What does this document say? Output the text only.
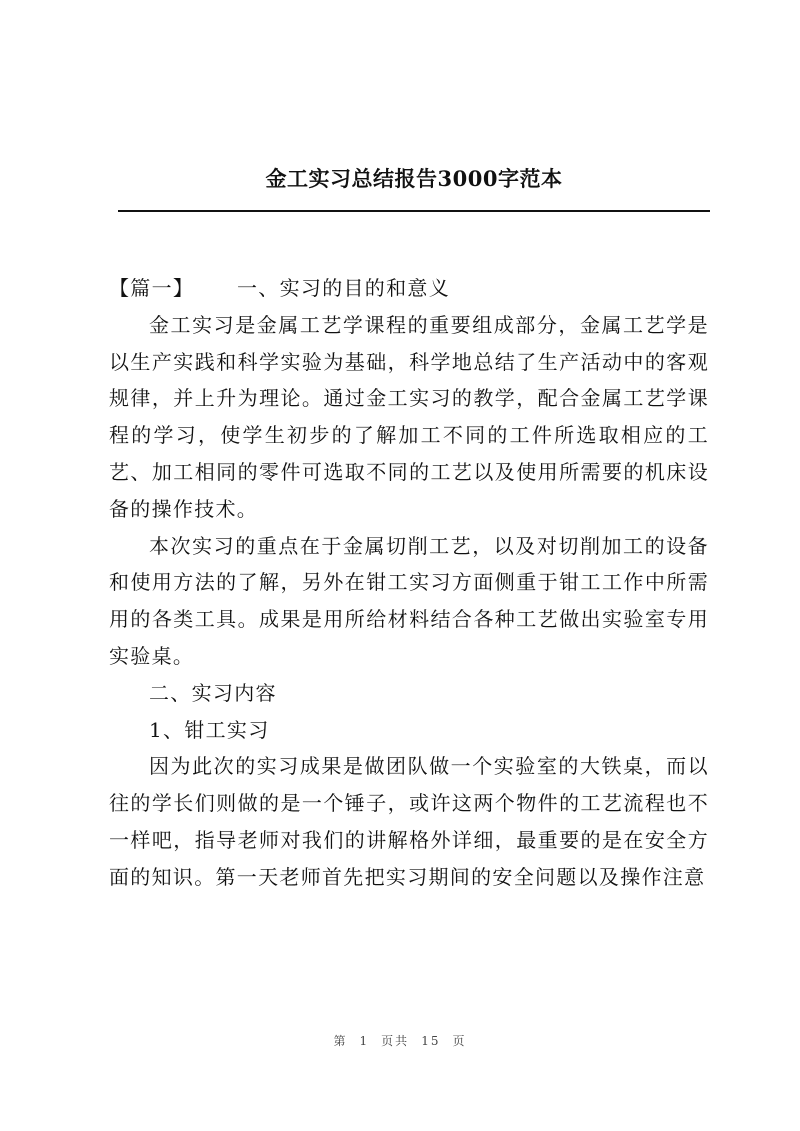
金工实习总结报告3000字范本

【篇一】 一、实习的目的和意义

金工实习是金属工艺学课程的重要组成部分，金属工艺学是以生产实践和科学实验为基础，科学地总结了生产活动中的客观规律，并上升为理论。通过金工实习的教学，配合金属工艺学课程的学习，使学生初步的了解加工不同的工件所选取相应的工艺、加工相同的零件可选取不同的工艺以及使用所需要的机床设备的操作技术。

本次实习的重点在于金属切削工艺，以及对切削加工的设备和使用方法的了解，另外在钳工实习方面侧重于钳工工作中所需用的各类工具。成果是用所给材料结合各种工艺做出实验室专用实验桌。

二、实习内容

1、钳工实习

因为此次的实习成果是做团队做一个实验室的大铁桌，而以往的学长们则做的是一个锤子，或许这两个物件的工艺流程也不一样吧，指导老师对我们的讲解格外详细，最重要的是在安全方面的知识。第一天老师首先把实习期间的安全问题以及操作注意

第 1 页共 15 页
